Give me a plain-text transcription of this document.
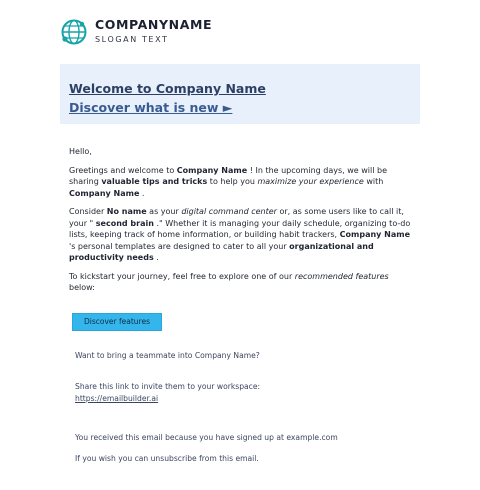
COMPANYNAME
SLOGAN TEXT
Welcome to Company Name
Discover what is new ►

Hello,

Greetings and welcome to Company Name ! In the upcoming days, we will be sharing valuable tips and tricks to help you maximize your experience with Company Name .

Consider No name as your digital command center or, as some users like to call it, your " second brain ." Whether it is managing your daily schedule, organizing to-do lists, keeping track of home information, or building habit trackers, Company Name 's personal templates are designed to cater to all your organizational and productivity needs .

To kickstart your journey, feel free to explore one of our recommended features below:

Discover features
Want to bring a teammate into Company Name?
Share this link to invite them to your workspace:
https://emailbuilder.ai
You received this email because you have signed up at example.com
If you wish you can unsubscribe from this email.
